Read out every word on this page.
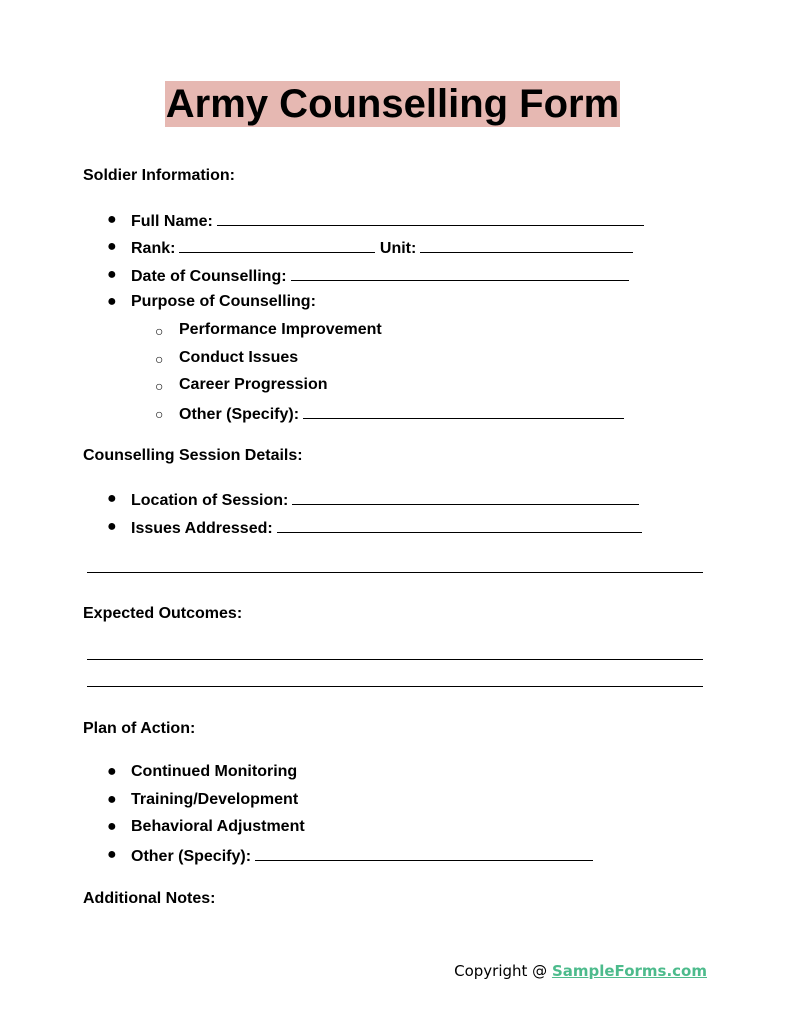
Army Counselling Form
Soldier Information:
● Full Name:
● Rank:	Unit:
● Date of Counselling:
● Purpose of Counselling:
○ Performance Improvement
○ Conduct Issues
○ Career Progression
○ Other (Specify):
Counselling Session Details:
● Location of Session:
● Issues Addressed:
Expected Outcomes:
Plan of Action:
● Continued Monitoring
● Training/Development
● Behavioral Adjustment
● Other (Specify):
Additional Notes:
Copyright @ SampleForms.com
